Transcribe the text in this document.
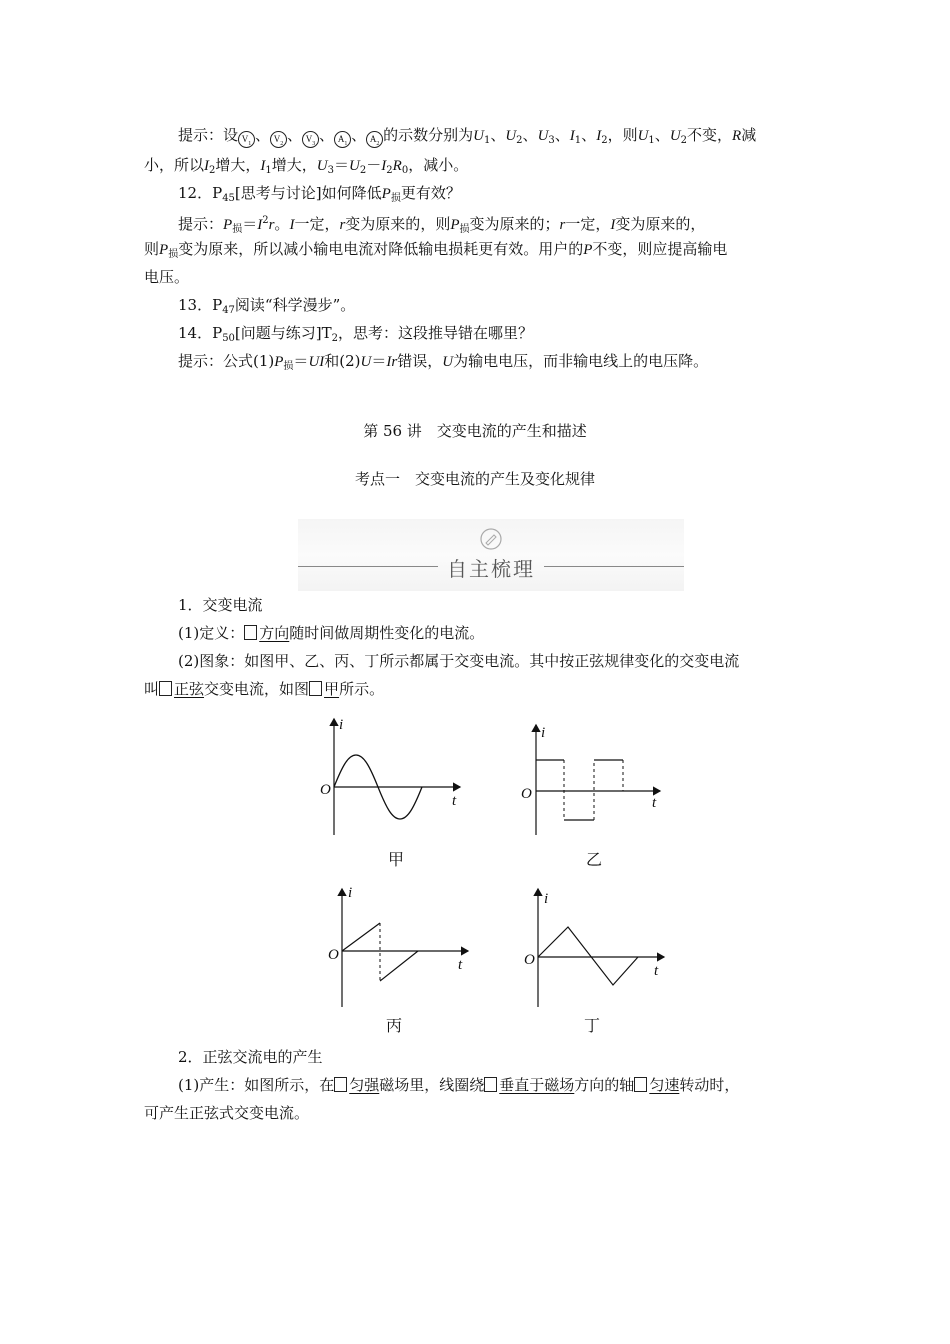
提示：设 $V_1$ 、 $V_2$ 、 $V_3$ 、 $A_1$ 、 $A_2$ 的示数分别为$U_1$、$U_2$、$U_3$、$I_1$、$I_2$，则$U_1$、$U_2$不变，R减
小，所以$I_2$增大，$I_1$增大，$U_3=U_2-I_2R_0$，减小。
12．$P_{45}$[思考与讨论]如何降低$P_损$更有效？
提示：$P_损=I^2r$。I一定，r变为原来的，则$P_损$变为原来的；r一定，I变为原来的，
则$P_损$变为原来，所以减小输电电流对降低输电损耗更有效。用户的P不变，则应提高输电
电压。
13．$P_{47}$阅读“科学漫步”。
14．$P_{50}$[问题与练习]$T_2$，思考：这段推导错在哪里？
提示：公式$(1)P_损=UI$和(2)U＝Ir错误，U为输电电压，而非输电线上的电压降。
第 56 讲　交变电流的产生和描述
考点一　交变电流的产生及变化规律
自主梳理
1．交变电流
(1)定义： 方向随时间做周期性变化的电流。
(2)图象：如图甲、乙、丙、丁所示都属于交变电流。其中按正弦规律变化的交变电流
叫 正弦交变电流，如图 甲所示。
i
t
O
i
t
O
i
t
O
i
t
O
甲	乙
丙	丁
2．正弦交流电的产生
(1)产生：如图所示，在 匀强磁场里，线圈绕 垂直于磁场方向的轴 匀速转动时，
可产生正弦式交变电流。
